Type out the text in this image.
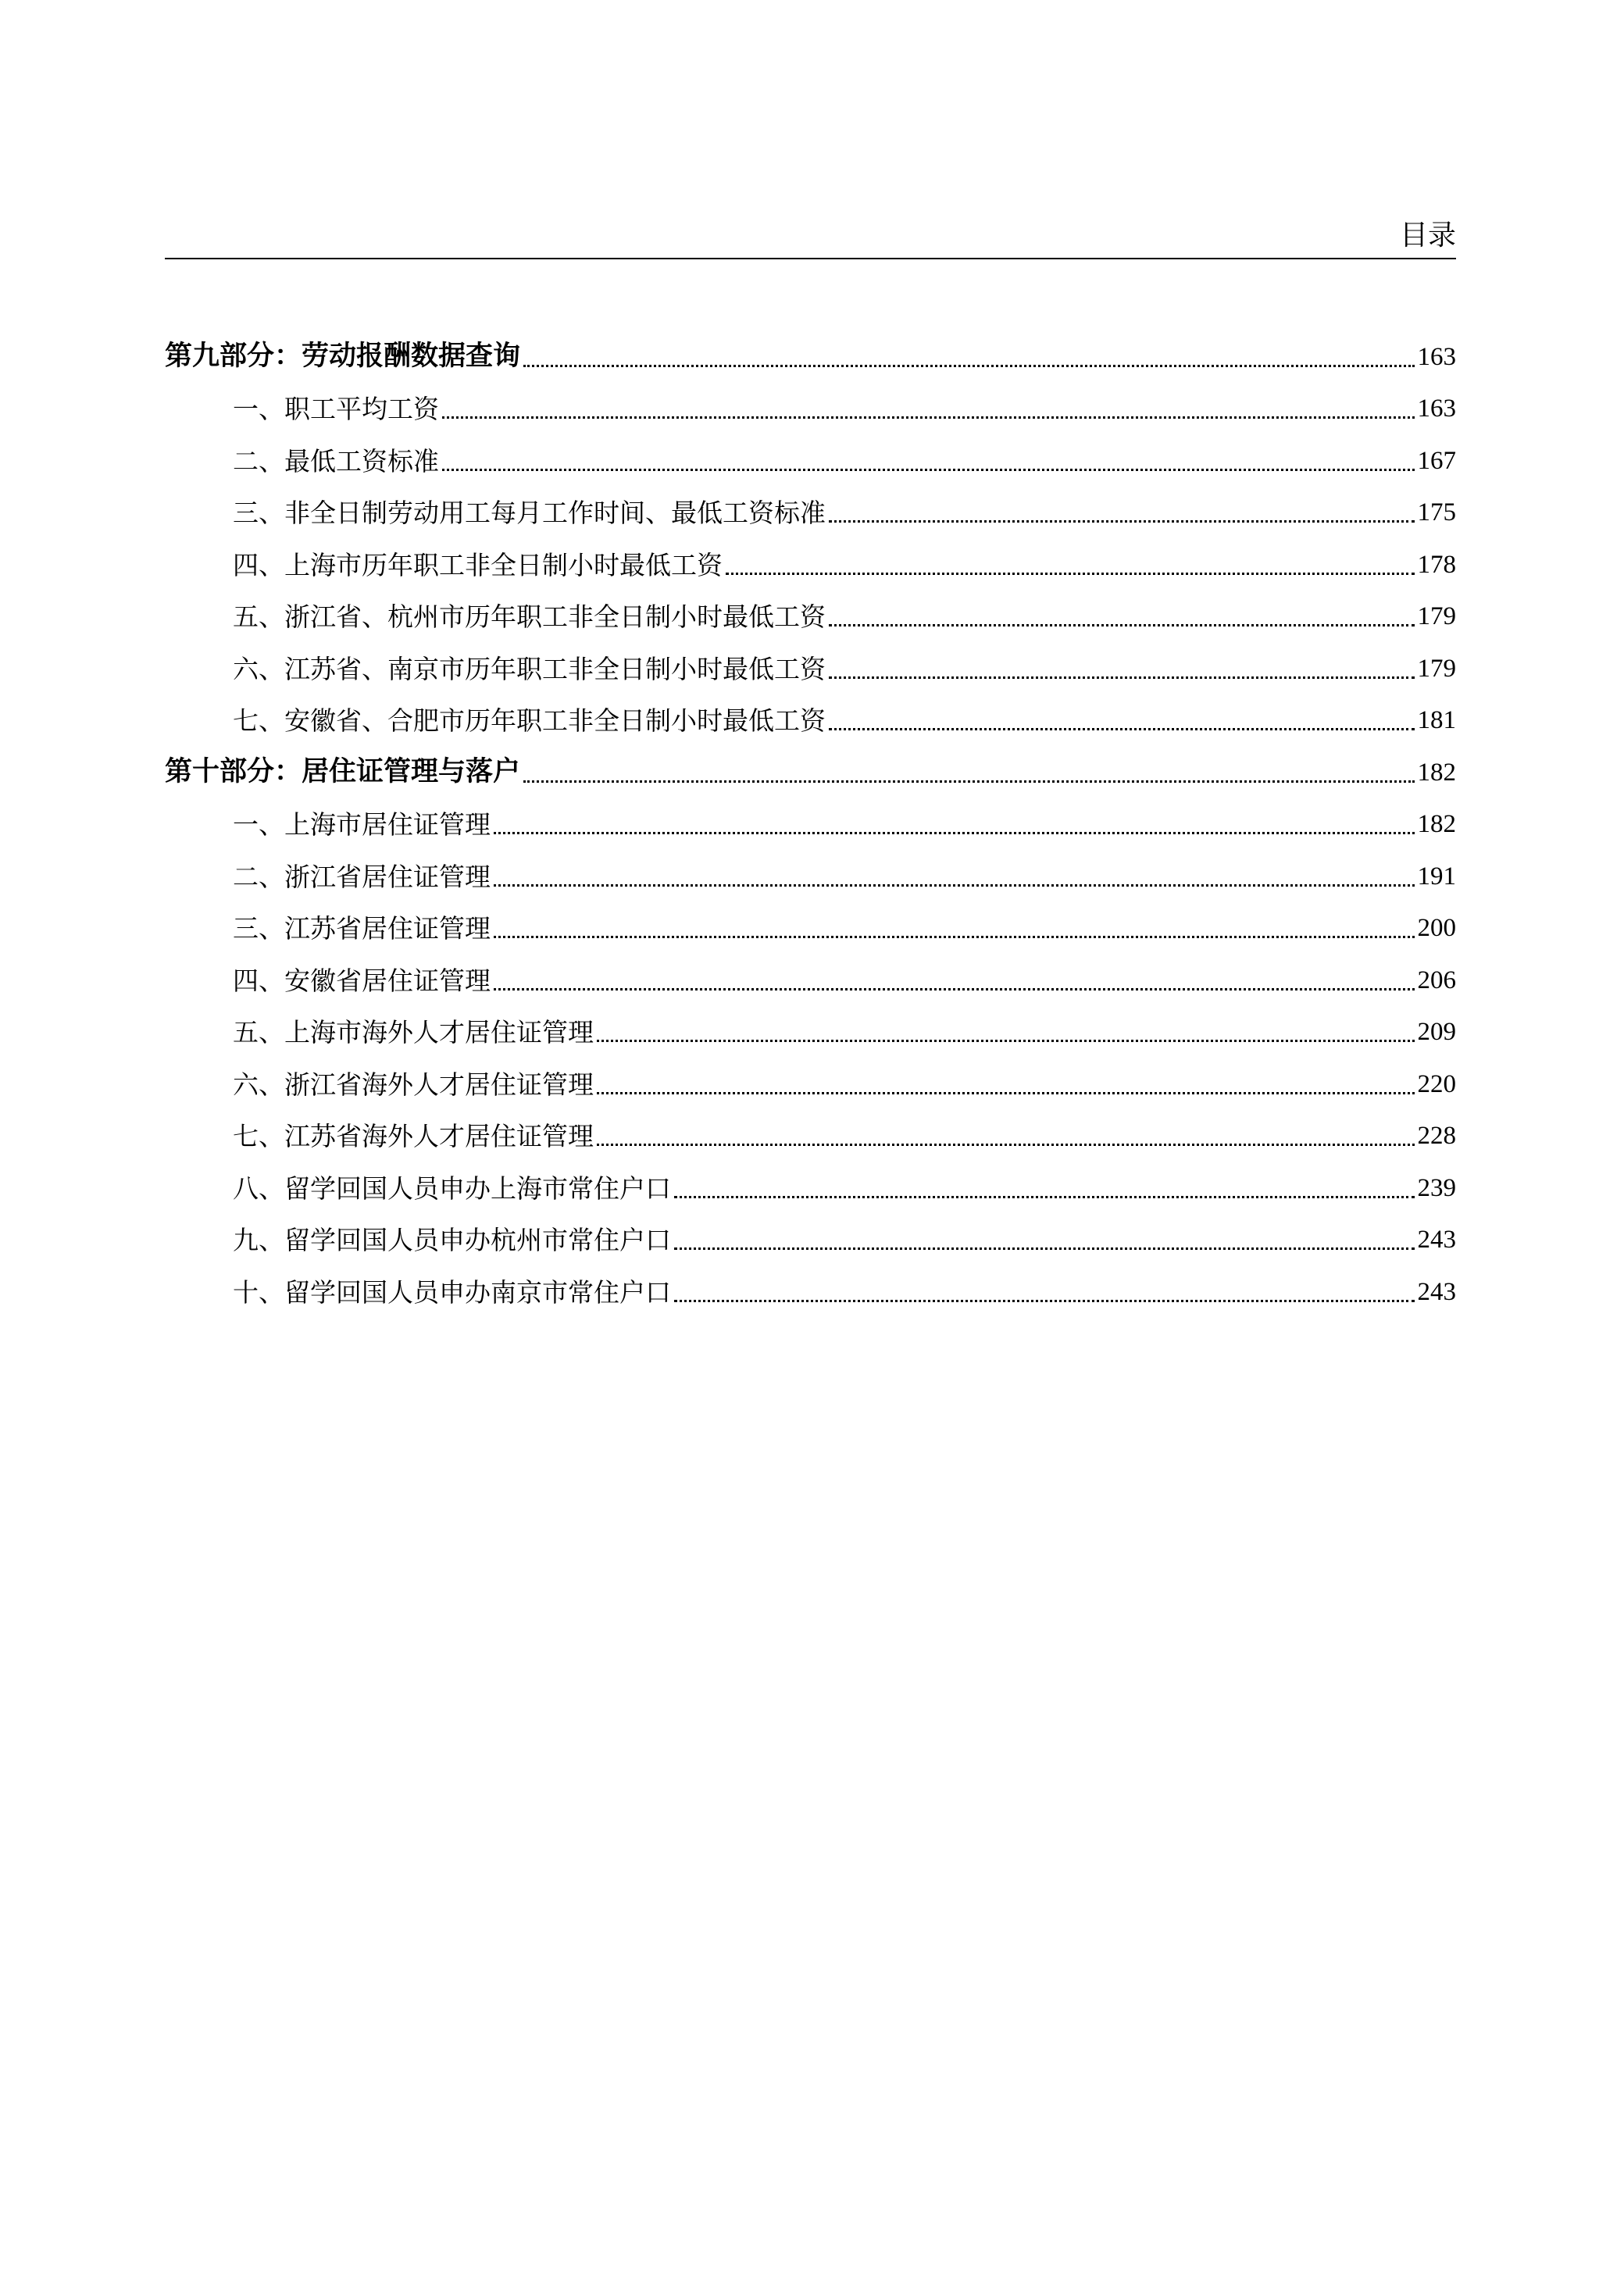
目录
第九部分：劳动报酬数据查询	163
一、职工平均工资	163
二、最低工资标准	167
三、非全日制劳动用工每月工作时间、最低工资标准	175
四、上海市历年职工非全日制小时最低工资	178
五、浙江省、杭州市历年职工非全日制小时最低工资	179
六、江苏省、南京市历年职工非全日制小时最低工资	179
七、安徽省、合肥市历年职工非全日制小时最低工资	181
第十部分：居住证管理与落户	182
一、上海市居住证管理	182
二、浙江省居住证管理	191
三、江苏省居住证管理	200
四、安徽省居住证管理	206
五、上海市海外人才居住证管理	209
六、浙江省海外人才居住证管理	220
七、江苏省海外人才居住证管理	228
八、留学回国人员申办上海市常住户口	239
九、留学回国人员申办杭州市常住户口	243
十、留学回国人员申办南京市常住户口	243
